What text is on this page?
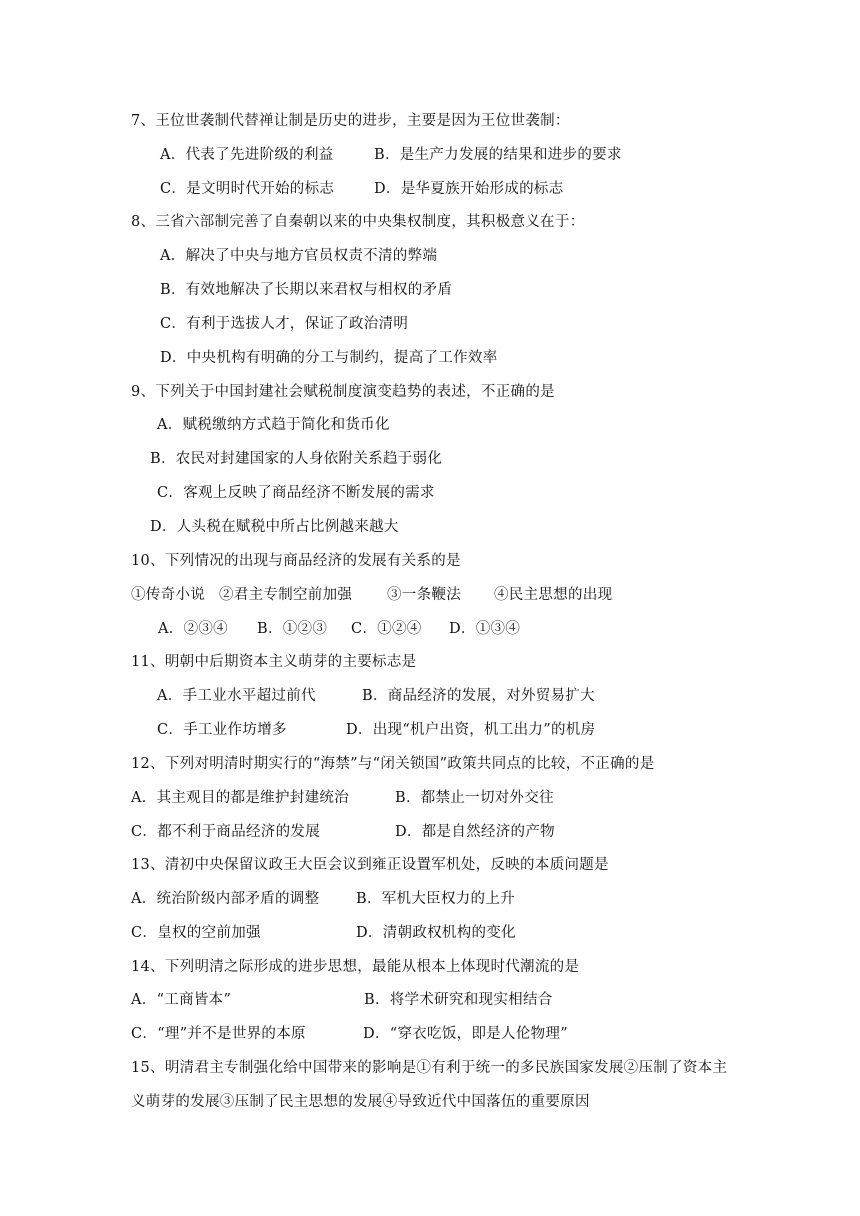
7、王位世袭制代替禅让制是历史的进步，主要是因为王位世袭制：
A．代表了先进阶级的利益	B．是生产力发展的结果和进步的要求
C．是文明时代开始的标志	D．是华夏族开始形成的标志
8、三省六部制完善了自秦朝以来的中央集权制度，其积极意义在于：
A．解决了中央与地方官员权责不清的弊端
B．有效地解决了长期以来君权与相权的矛盾
C．有利于选拔人才，保证了政治清明
D．中央机构有明确的分工与制约，提高了工作效率
9、下列关于中国封建社会赋税制度演变趋势的表述，不正确的是
A．赋税缴纳方式趋于简化和货币化
B．农民对封建国家的人身依附关系趋于弱化
C．客观上反映了商品经济不断发展的需求
D．人头税在赋税中所占比例越来越大
10、下列情况的出现与商品经济的发展有关系的是
①传奇小说 ②君主专制空前加强 ③一条鞭法 ④民主思想的出现
A．②③④ B．①②③ C．①②④ D．①③④
11、明朝中后期资本主义萌芽的主要标志是
A．手工业水平超过前代	B．商品经济的发展，对外贸易扩大
C．手工业作坊增多	D．出现“机户出资，机工出力”的机房
12、下列对明清时期实行的“海禁”与“闭关锁国”政策共同点的比较，不正确的是
A．其主观目的都是维护封建统治	B．都禁止一切对外交往
C．都不利于商品经济的发展	D．都是自然经济的产物
13、清初中央保留议政王大臣会议到雍正设置军机处，反映的本质问题是
A．统治阶级内部矛盾的调整	B．军机大臣权力的上升
C．皇权的空前加强	D．清朝政权机构的变化
14、下列明清之际形成的进步思想，最能从根本上体现时代潮流的是
A．“工商皆本”	B．将学术研究和现实相结合
C．“理”并不是世界的本原	D．“穿衣吃饭，即是人伦物理”
15、明清君主专制强化给中国带来的影响是①有利于统一的多民族国家发展②压制了资本主
义萌芽的发展③压制了民主思想的发展④导致近代中国落伍的重要原因
